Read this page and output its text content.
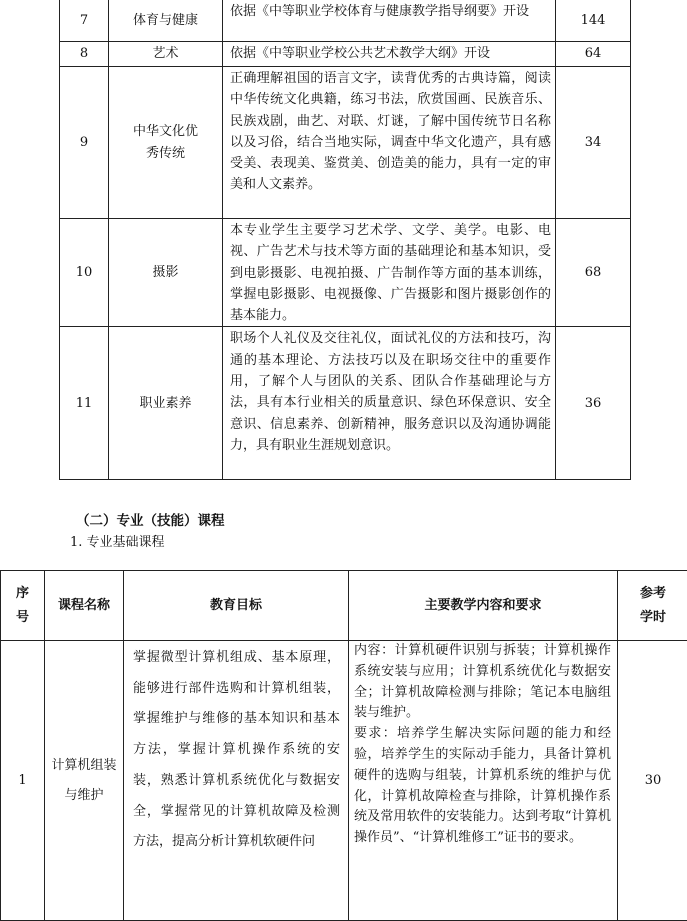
7	体育与健康	依据《中等职业学校体育与健康教学指导纲要》开设	144
8	艺术	依据《中等职业学校公共艺术教学大纲》开设	64
9	中华文化优秀传统	正确理解祖国的语言文字，读背优秀的古典诗篇，阅读中华传统文化典籍，练习书法，欣赏国画、民族音乐、民族戏剧，曲艺、对联、灯谜，了解中国传统节日名称以及习俗，结合当地实际，调查中华文化遗产，具有感受美、表现美、鉴赏美、创造美的能力，具有一定的审美和人文素养。	34
10	摄影	本专业学生主要学习艺术学、文学、美学。电影、电视、广告艺术与技术等方面的基础理论和基本知识，受到电影摄影、电视拍摄、广告制作等方面的基本训练，掌握电影摄影、电视摄像、广告摄影和图片摄影创作的基本能力。	68
11	职业素养	职场个人礼仪及交往礼仪，面试礼仪的方法和技巧，沟通的基本理论、方法技巧以及在职场交往中的重要作用，了解个人与团队的关系、团队合作基础理论与方法，具有本行业相关的质量意识、绿色环保意识、安全意识、信息素养、创新精神，服务意识以及沟通协调能力，具有职业生涯规划意识。	36
（二）专业（技能）课程
1. 专业基础课程
序号	课程名称	教育目标	主要教学内容和要求	参考学时
1	计算机组装与维护	掌握微型计算机组成、基本原理，能够进行部件选购和计算机组装，掌握维护与维修的基本知识和基本方法，掌握计算机操作系统的安装，熟悉计算机系统优化与数据安全，掌握常见的计算机故障及检测方法，提高分析计算机软硬件问	内容：计算机硬件识别与拆装；计算机操作系统安装与应用；计算机系统优化与数据安全；计算机故障检测与排除；笔记本电脑组装与维护。

要求：培养学生解决实际问题的能力和经验，培养学生的实际动手能力，具备计算机硬件的选购与组装，计算机系统的维护与优化，计算机故障检查与排除，计算机操作系统及常用软件的安装能力。达到考取“计算机操作员”、“计算机维修工”证书的要求。	30
